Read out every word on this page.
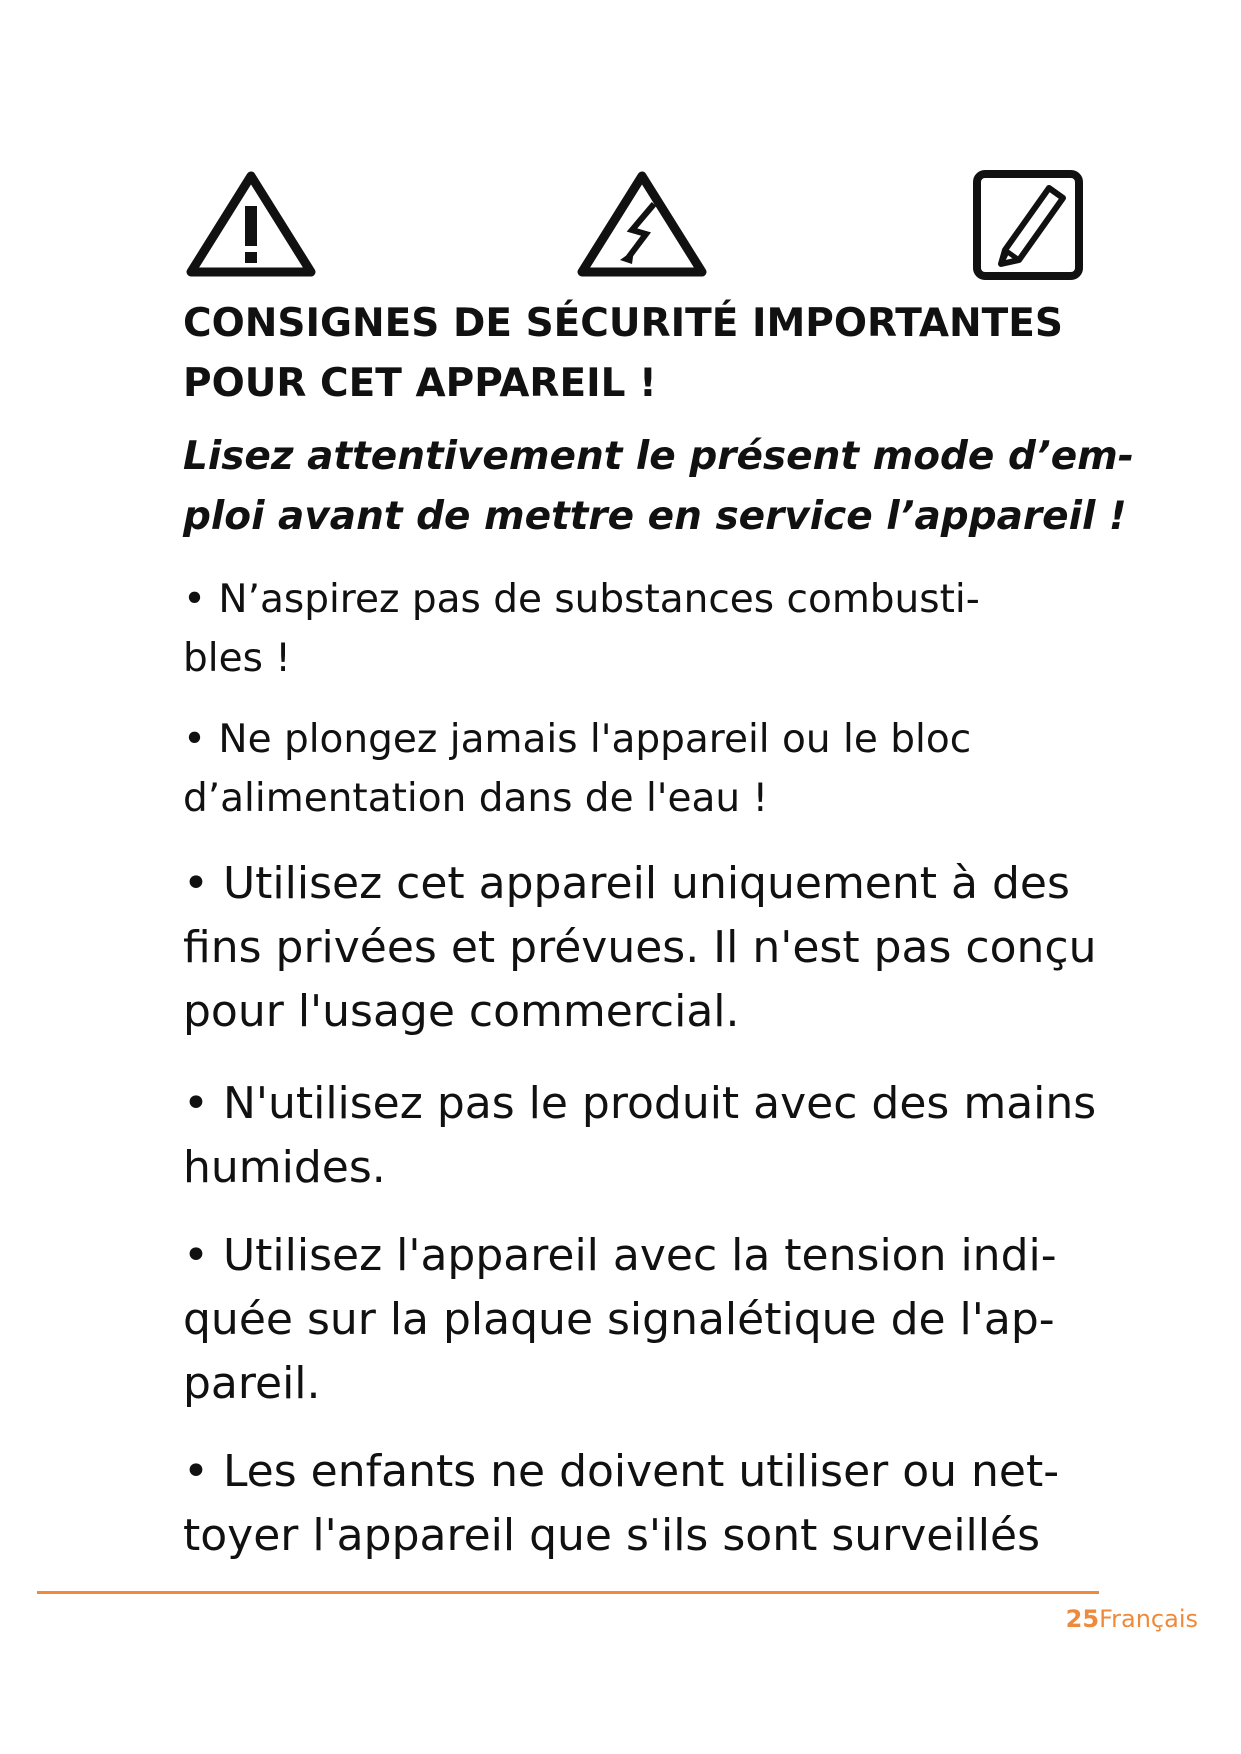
CONSIGNES DE SÉCURITÉ IMPORTANTES
POUR CET APPAREIL !

Lisez attentivement le présent mode d’em-
ploi avant de mettre en service l’appareil !

• N’aspirez pas de substances combusti-
bles !

• Ne plongez jamais l'appareil ou le bloc
d’alimentation dans de l'eau !

• Utilisez cet appareil uniquement à des
fins privées et prévues. Il n'est pas conçu
pour l'usage commercial.

• N'utilisez pas le produit avec des mains
humides.

• Utilisez l'appareil avec la tension indi-
quée sur la plaque signalétique de l'ap-
pareil.

• Les enfants ne doivent utiliser ou net-
toyer l'appareil que s'ils sont surveillés

25Français
